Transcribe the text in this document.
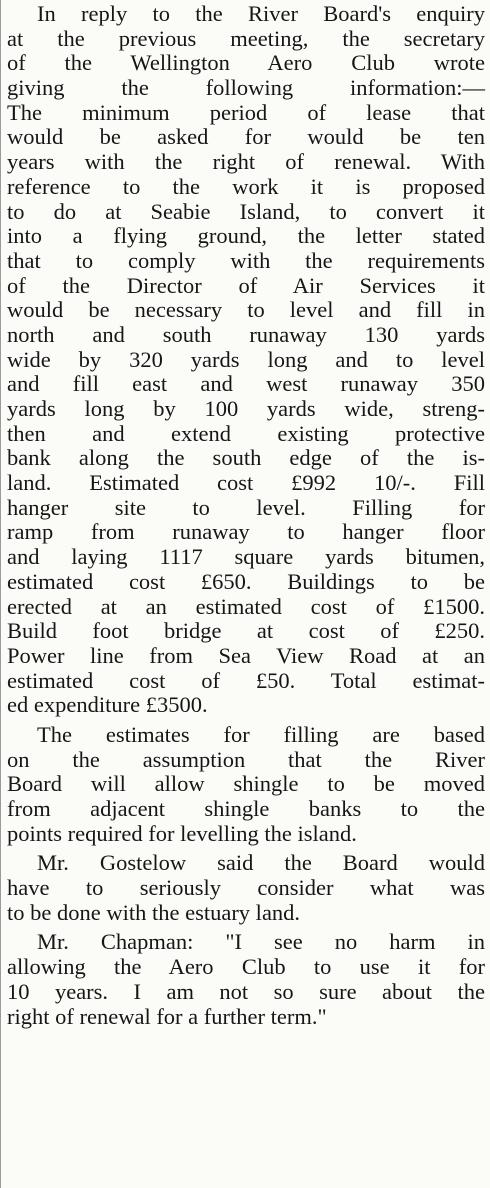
In reply to the River Board's enquiry
at the previous meeting, the secretary
of the Wellington Aero Club wrote
giving the following information:—
The minimum period of lease that
would be asked for would be ten
years with the right of renewal. With
reference to the work it is proposed
to do at Seabie Island, to convert it
into a flying ground, the letter stated
that to comply with the requirements
of the Director of Air Services it
would be necessary to level and fill in
north and south runaway 130 yards
wide by 320 yards long and to level
and fill east and west runaway 350
yards long by 100 yards wide, streng-
then and extend existing protective
bank along the south edge of the is-
land. Estimated cost £992 10/-. Fill
hanger site to level. Filling for
ramp from runaway to hanger floor
and laying 1117 square yards bitumen,
estimated cost £650. Buildings to be
erected at an estimated cost of £1500.
Build foot bridge at cost of £250.
Power line from Sea View Road at an
estimated cost of £50. Total estimat-
ed expenditure £3500.

The estimates for filling are based
on the assumption that the River
Board will allow shingle to be moved
from adjacent shingle banks to the
points required for levelling the island.

Mr. Gostelow said the Board would
have to seriously consider what was
to be done with the estuary land.

Mr. Chapman: "I see no harm in
allowing the Aero Club to use it for
10 years. I am not so sure about the
right of renewal for a further term."
